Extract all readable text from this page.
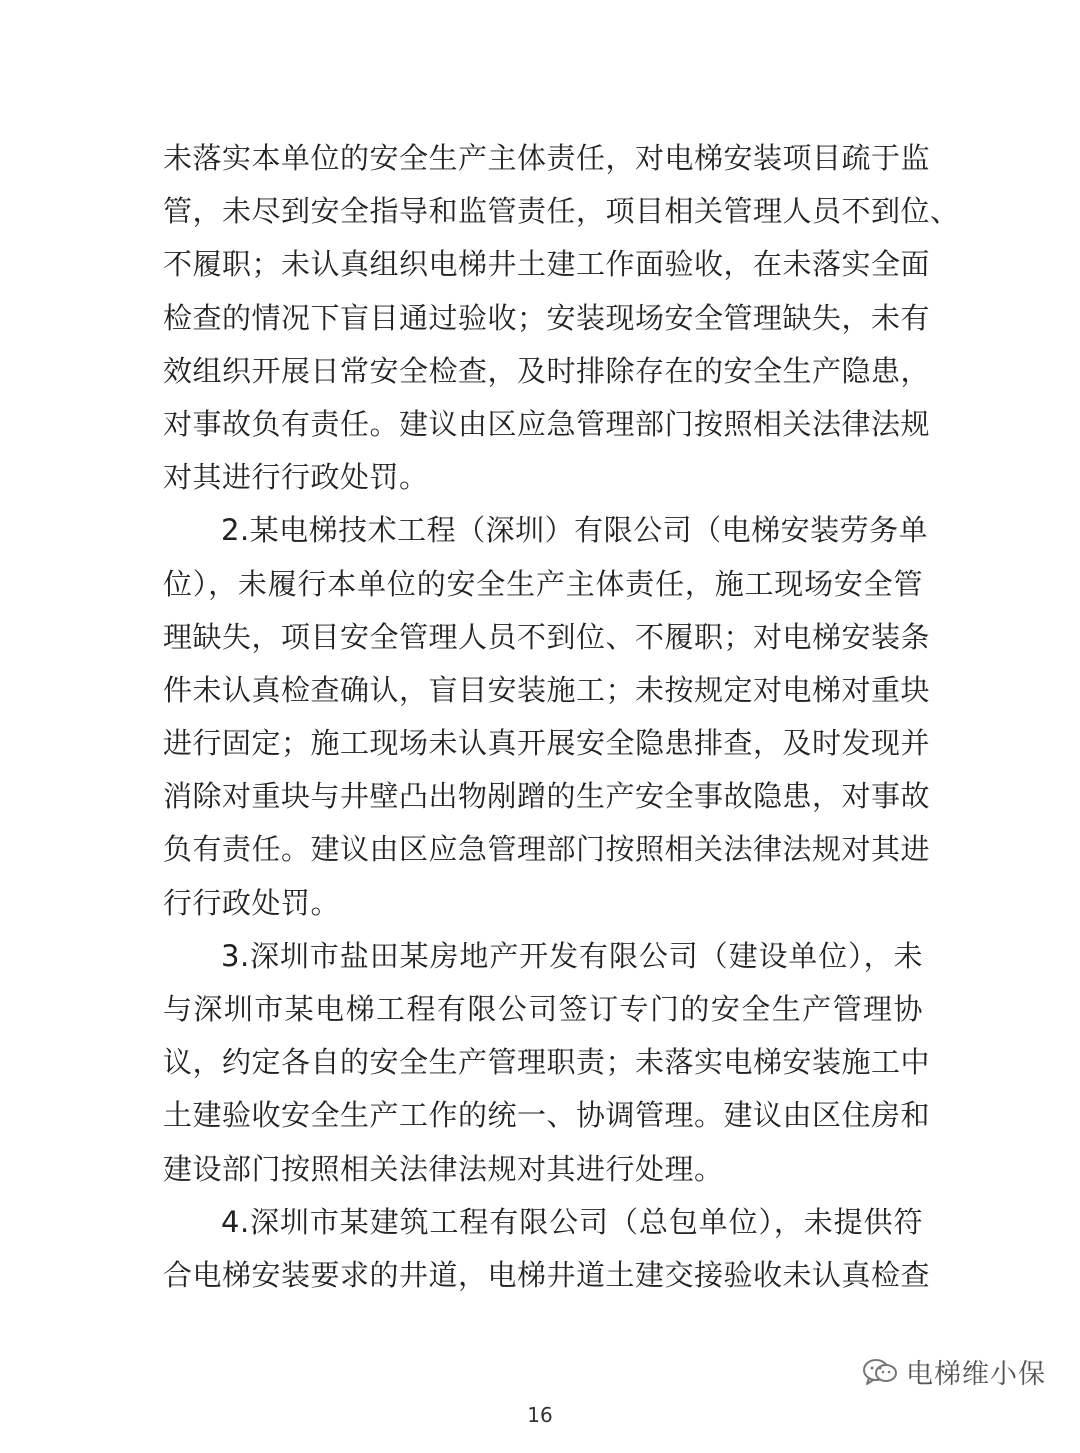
未落实本单位的安全生产主体责任，对电梯安装项目疏于监
管，未尽到安全指导和监管责任，项目相关管理人员不到位、
不履职；未认真组织电梯井土建工作面验收，在未落实全面
检查的情况下盲目通过验收；安装现场安全管理缺失，未有
效组织开展日常安全检查，及时排除存在的安全生产隐患，
对事故负有责任。建议由区应急管理部门按照相关法律法规
对其进行行政处罚。
2.某电梯技术工程（深圳）有限公司（电梯安装劳务单
位），未履行本单位的安全生产主体责任，施工现场安全管
理缺失，项目安全管理人员不到位、不履职；对电梯安装条
件未认真检查确认，盲目安装施工；未按规定对电梯对重块
进行固定；施工现场未认真开展安全隐患排查，及时发现并
消除对重块与井壁凸出物剐蹭的生产安全事故隐患，对事故
负有责任。建议由区应急管理部门按照相关法律法规对其进
行行政处罚。
3.深圳市盐田某房地产开发有限公司（建设单位），未
与深圳市某电梯工程有限公司签订专门的安全生产管理协
议，约定各自的安全生产管理职责；未落实电梯安装施工中
土建验收安全生产工作的统一、协调管理。建议由区住房和
建设部门按照相关法律法规对其进行处理。
4.深圳市某建筑工程有限公司（总包单位），未提供符
合电梯安装要求的井道，电梯井道土建交接验收未认真检查
电梯维小保
16
